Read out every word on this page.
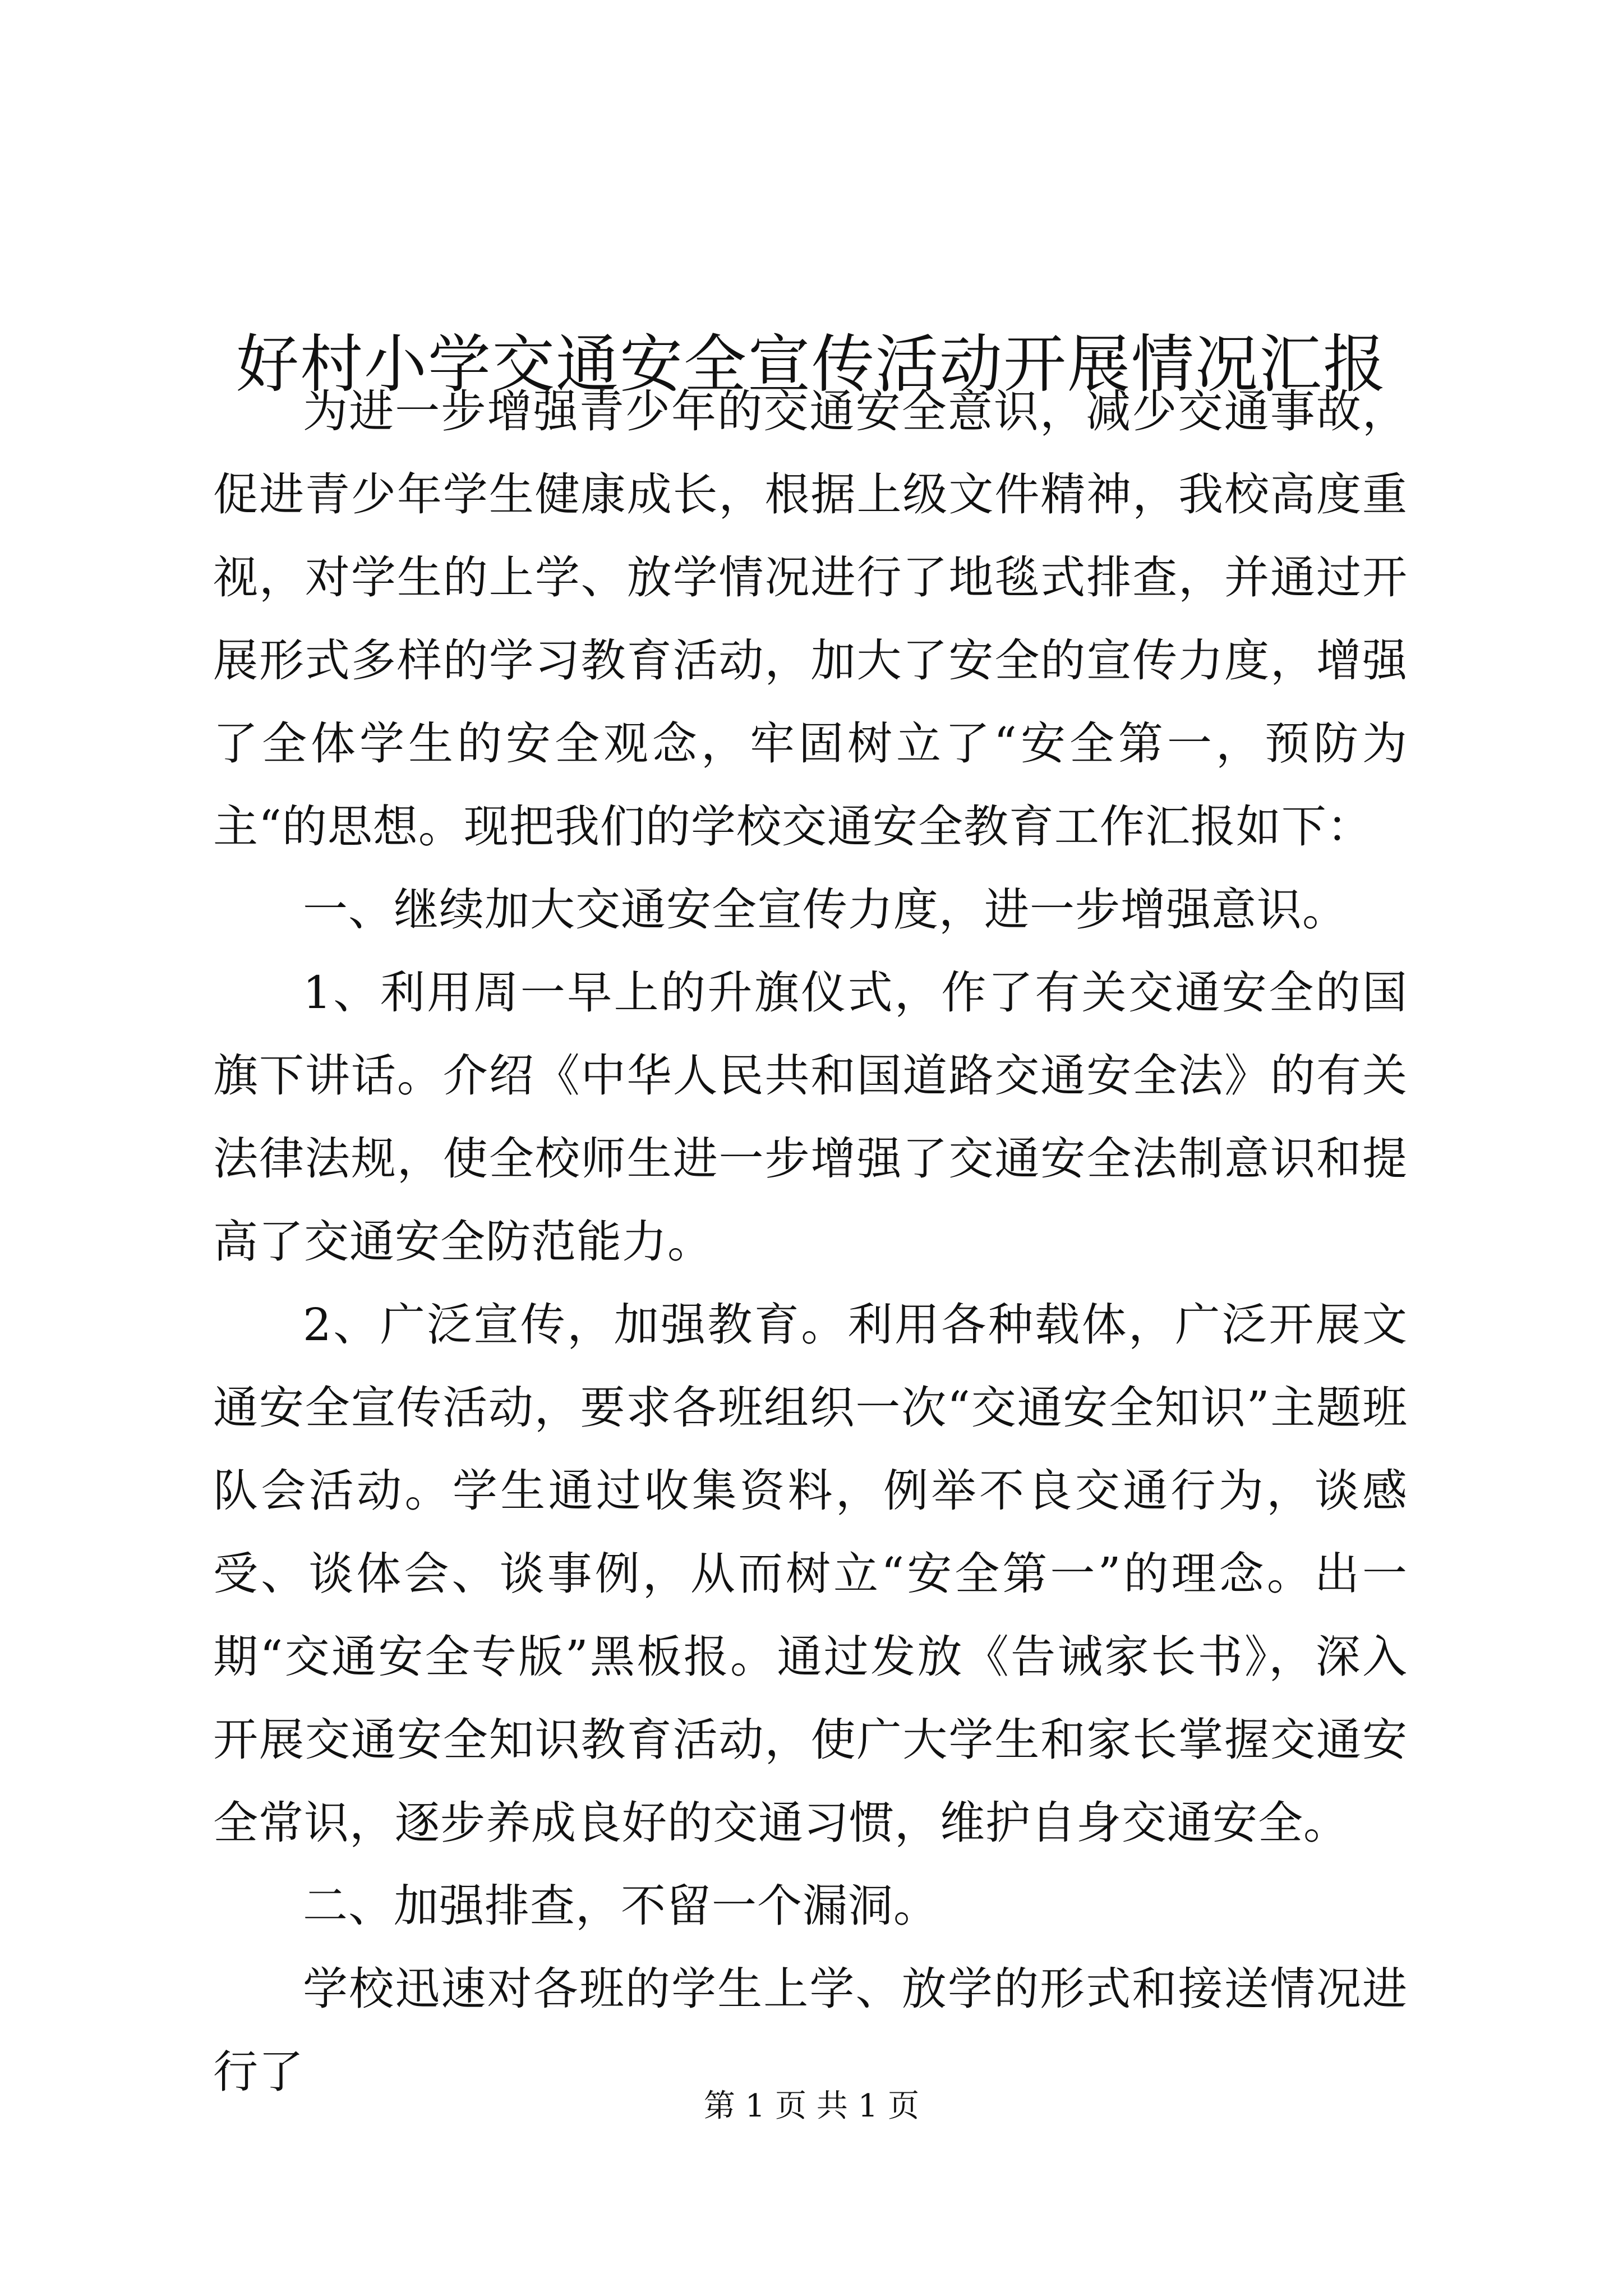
好村小学交通安全宣传活动开展情况汇报

为进一步增强青少年的交通安全意识，减少交通事故，促进青少年学生健康成长，根据上级文件精神，我校高度重视，对学生的上学、放学情况进行了地毯式排查，并通过开展形式多样的学习教育活动，加大了安全的宣传力度，增强了全体学生的安全观念，牢固树立了“安全第一，预防为主“的思想。现把我们的学校交通安全教育工作汇报如下：

一、继续加大交通安全宣传力度，进一步增强意识。

1、利用周一早上的升旗仪式，作了有关交通安全的国旗下讲话。介绍《中华人民共和国道路交通安全法》的有关法律法规，使全校师生进一步增强了交通安全法制意识和提高了交通安全防范能力。

2、广泛宣传，加强教育。利用各种载体，广泛开展文通安全宣传活动，要求各班组织一次“交通安全知识”主题班队会活动。学生通过收集资料，例举不良交通行为，谈感受、谈体会、谈事例，从而树立“安全第一”的理念。出一期“交通安全专版”黑板报。通过发放《告诫家长书》，深入开展交通安全知识教育活动，使广大学生和家长掌握交通安全常识，逐步养成良好的交通习惯，维护自身交通安全。

二、加强排查，不留一个漏洞。

学校迅速对各班的学生上学、放学的形式和接送情况进行了

第 1 页 共 1 页
